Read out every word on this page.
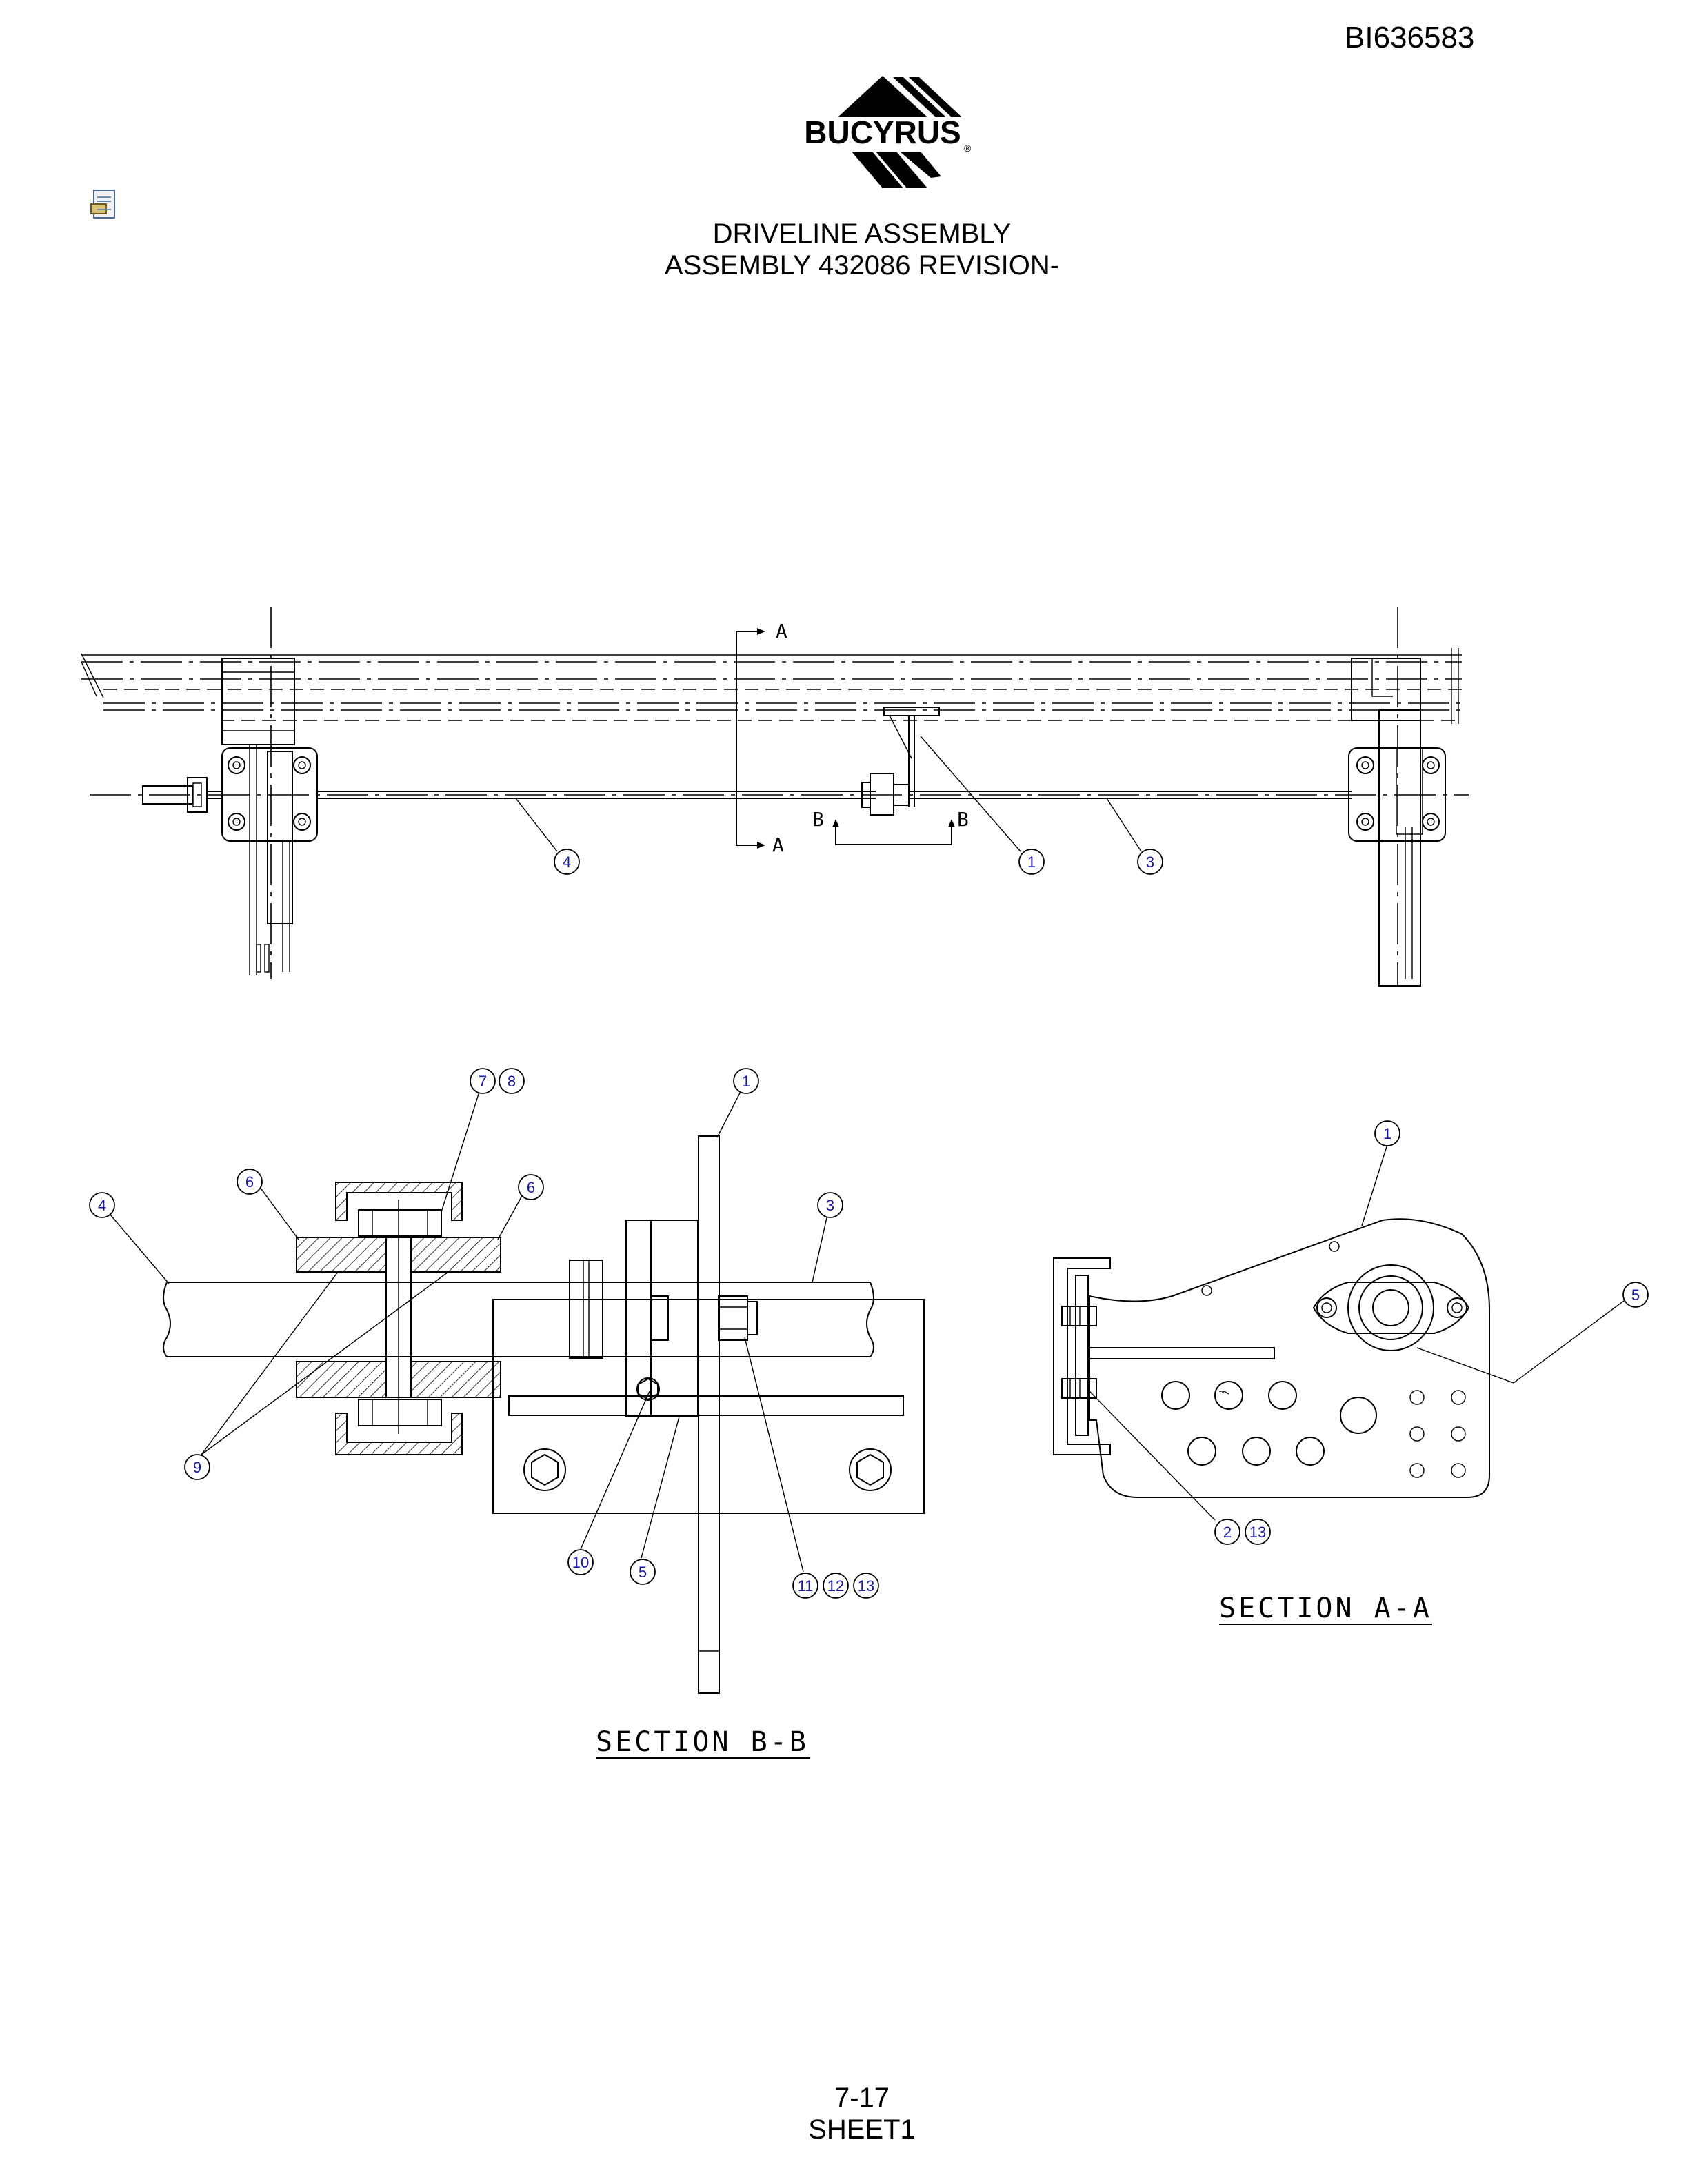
BI636583
BUCYRUS ®
DRIVELINE ASSEMBLY
ASSEMBLY 432086 REVISION-
A
A
B	B
4	1	3
7 8	1
6	6
4	3
9
10
5
11 12 13
SECTION B-B
1
5
2 13
SECTION A-A
7-17
SHEET1
